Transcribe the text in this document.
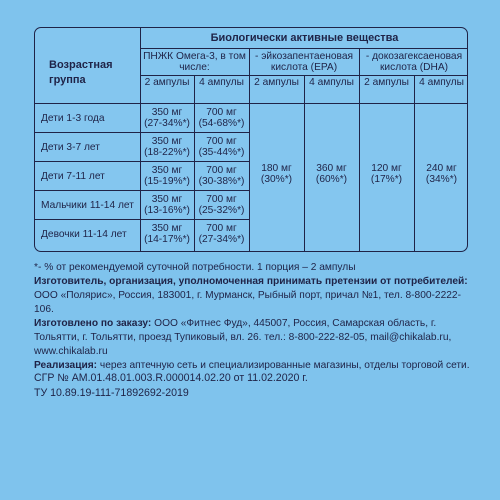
Возрастная группа
Биологически активные вещества
ПНЖК Омега-3, в том числе:
- эйкозапентаеновая кислота (EPA)
- докозагексаеновая кислота (DHA)
2 ампулы 4 ампулы 2 ампулы 4 ампулы 2 ампулы 4 ампулы
Дети 1-3 года
350 мг
(27-34%*)
700 мг
(54-68%*)
Дети 3-7 лет
350 мг
(18-22%*)
700 мг
(35-44%*)
Дети 7-11 лет
350 мг
(15-19%*)
700 мг
(30-38%*)
Мальчики 11-14 лет
350 мг
(13-16%*)
700 мг
(25-32%*)
Девочки 11-14 лет
350 мг
(14-17%*)
700 мг
(27-34%*)
180 мг
(30%*)
360 мг
(60%*)
120 мг
(17%*)
240 мг
(34%*)

*- % от рекомендуемой суточной потребности. 1 порция – 2 ампулы

Изготовитель, организация, уполномоченная принимать претензии от потребителей: ООО «Полярис», Россия, 183001, г. Мурманск, Рыбный порт, причал №1, тел. 8-800-2222-106.

Изготовлено по заказу: ООО «Фитнес Фуд», 445007, Россия, Самарская область, г. Тольятти, г. Тольятти, проезд Тупиковый, вл. 26. тел.: 8-800-222-82-05, mail@chikalab.ru, www.chikalab.ru

Реализация: через аптечную сеть и специализированные магазины, отделы торговой сети.

СГР № AM.01.48.01.003.R.000014.02.20 от 11.02.2020 г.

ТУ 10.89.19-111-71892692-2019
